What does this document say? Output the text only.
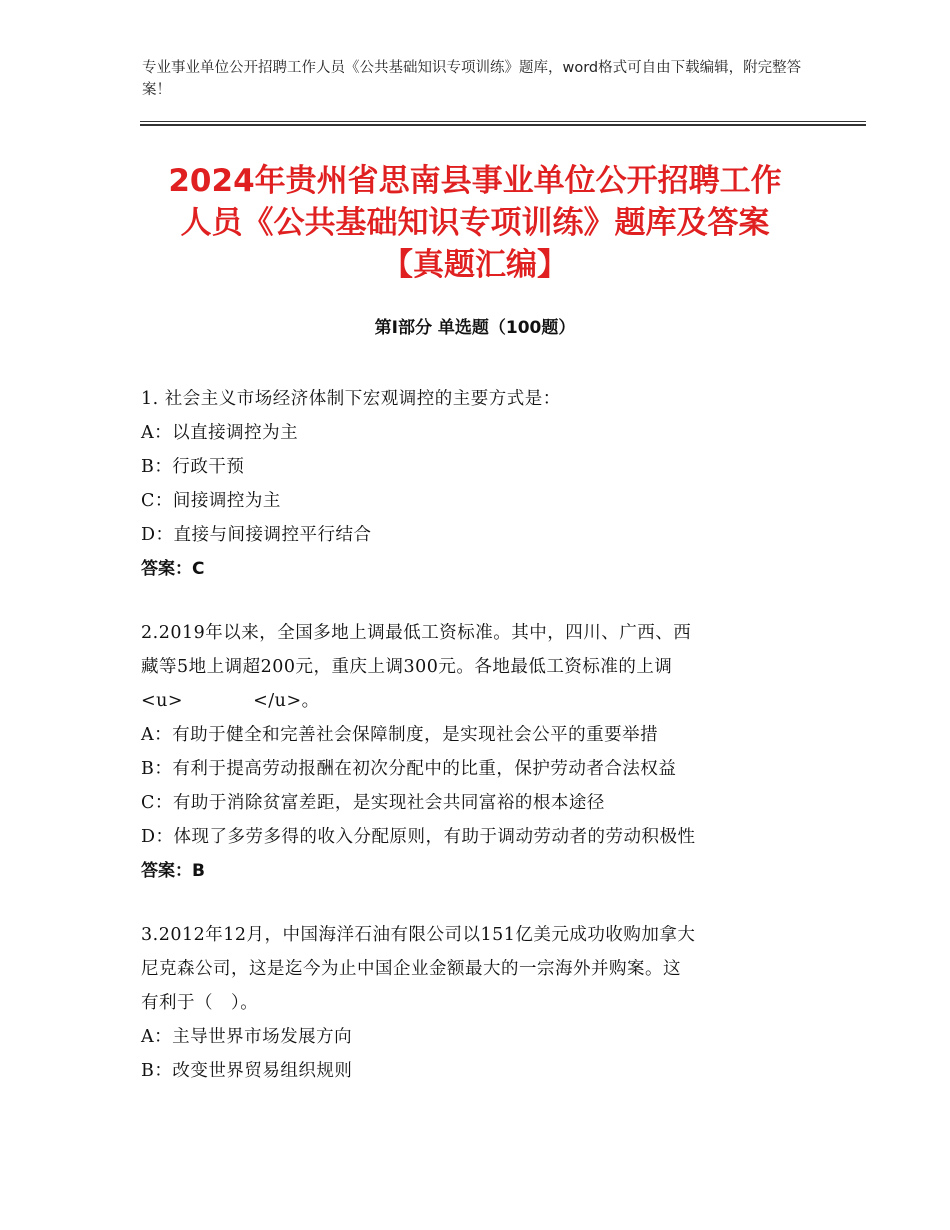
专业事业单位公开招聘工作人员《公共基础知识专项训练》题库，word格式可自由下载编辑，附完整答案！
2024年贵州省思南县事业单位公开招聘工作
人员《公共基础知识专项训练》题库及答案
【真题汇编】
第Ⅰ部分 单选题（100题）
1. 社会主义市场经济体制下宏观调控的主要方式是：
A：以直接调控为主
B：行政干预
C：间接调控为主
D：直接与间接调控平行结合
答案：C
2.2019年以来，全国多地上调最低工资标准。其中，四川、广西、西
藏等5地上调超200元，重庆上调300元。各地最低工资标准的上调
<u>	</u>。
A：有助于健全和完善社会保障制度，是实现社会公平的重要举措
B：有利于提高劳动报酬在初次分配中的比重，保护劳动者合法权益
C：有助于消除贫富差距，是实现社会共同富裕的根本途径
D：体现了多劳多得的收入分配原则，有助于调动劳动者的劳动积极性
答案：B
3.2012年12月，中国海洋石油有限公司以151亿美元成功收购加拿大
尼克森公司，这是迄今为止中国企业金额最大的一宗海外并购案。这
有利于（　）。
A：主导世界市场发展方向
B：改变世界贸易组织规则
